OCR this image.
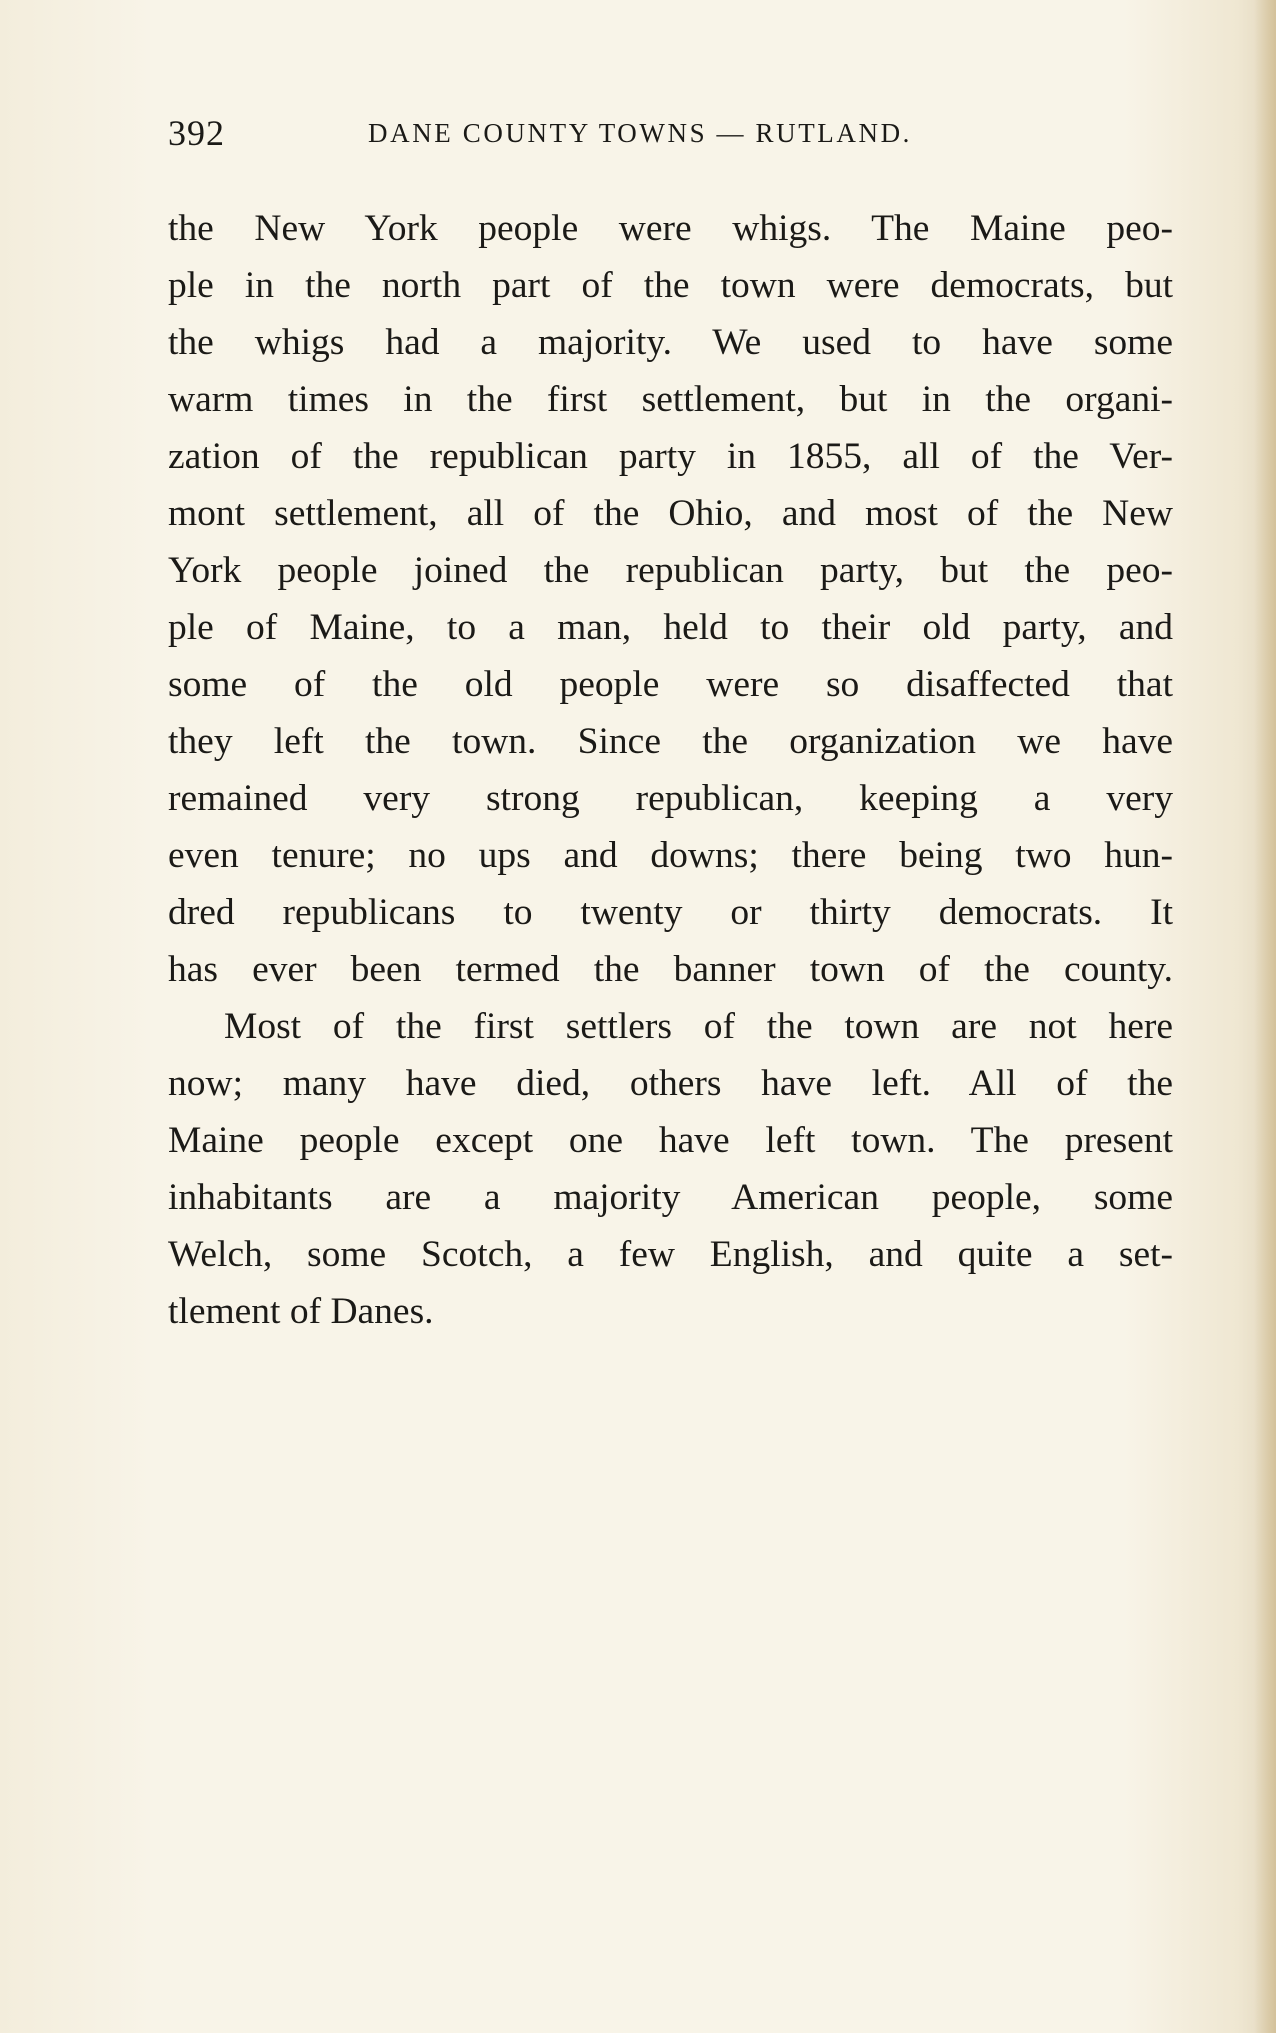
392	DANE COUNTY TOWNS — RUTLAND.
the New York people were whigs. The Maine peo-
ple in the north part of the town were democrats, but
the whigs had a majority. We used to have some
warm times in the first settlement, but in the organi-
zation of the republican party in 1855, all of the Ver-
mont settlement, all of the Ohio, and most of the New
York people joined the republican party, but the peo-
ple of Maine, to a man, held to their old party, and
some of the old people were so disaffected that
they left the town. Since the organization we have
remained very strong republican, keeping a very
even tenure; no ups and downs; there being two hun-
dred republicans to twenty or thirty democrats. It
has ever been termed the banner town of the county.
Most of the first settlers of the town are not here
now; many have died, others have left. All of the
Maine people except one have left town. The present
inhabitants are a majority American people, some
Welch, some Scotch, a few English, and quite a set-
tlement of Danes.
